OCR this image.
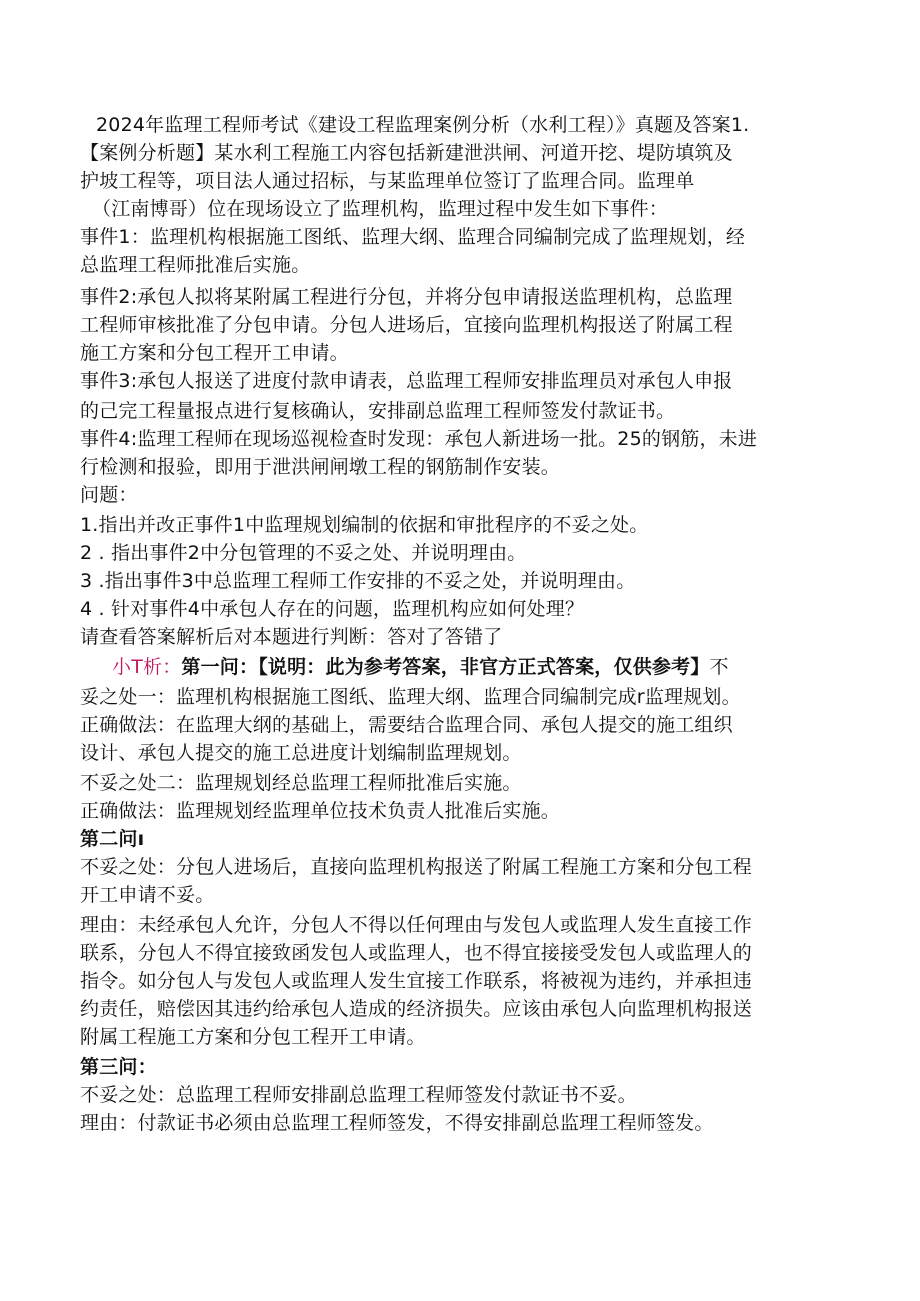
2024年监理工程师考试《建设工程监理案例分析（水利工程）》真题及答案1.
【案例分析题】某水利工程施工内容包括新建泄洪闸、河道开挖、堤防填筑及
护坡工程等，项目法人通过招标，与某监理单位签订了监理合同。监理单
（江南博哥）位在现场设立了监理机构，监理过程中发生如下事件：
事件1：监理机构根据施工图纸、监理大纲、监理合同编制完成了监理规划，经
总监理工程师批准后实施。
事件2:承包人拟将某附属工程进行分包，并将分包申请报送监理机构，总监理
工程师审核批准了分包申请。分包人进场后，宜接向监理机构报送了附属工程
施工方案和分包工程开工申请。
事件3:承包人报送了进度付款申请表，总监理工程师安排监理员对承包人申报
的己完工程量报点进行复核确认，安排副总监理工程师签发付款证书。
事件4:监理工程师在现场巡视检查时发现：承包人新进场一批。25的钢筋，未进
行检测和报验，即用于泄洪闸闸墩工程的钢筋制作安装。
问题：
1.指出并改正事件1中监理规划编制的依据和审批程序的不妥之处。
2 . 指出事件2中分包管理的不妥之处、并说明理由。
3 .指出事件3中总监理工程师工作安排的不妥之处，并说明理由。
4 . 针对事件4中承包人存在的问题，监理机构应如何处理？
请查看答案解析后对本题进行判断：答对了答错了
小T析：第一问：【说明：此为参考答案，非官方正式答案，仅供参考】不
妥之处一：监理机构根据施工图纸、监理大纲、监理合同编制完成r监理规划。
正确做法：在监理大纲的基础上，需要结合监理合同、承包人提交的施工组织
设计、承包人提交的施工总进度计划编制监理规划。
不妥之处二：监理规划经总监理工程师批准后实施。
正确做法：监理规划经监理单位技术负责人批准后实施。
第二问ı
不妥之处：分包人进场后，直接向监理机构报送了附属工程施工方案和分包工程
开工申请不妥。
理由：未经承包人允许，分包人不得以任何理由与发包人或监理人发生直接工作
联系，分包人不得宜接致函发包人或监理人，也不得宜接接受发包人或监理人的
指令。如分包人与发包人或监理人发生宜接工作联系，将被视为违约，并承担违
约责任，赔偿因其违约给承包人造成的经济损失。应该由承包人向监理机构报送
附属工程施工方案和分包工程开工申请。
第三问：
不妥之处：总监理工程师安排副总监理工程师签发付款证书不妥。
理由：付款证书必须由总监理工程师签发，不得安排副总监理工程师签发。
